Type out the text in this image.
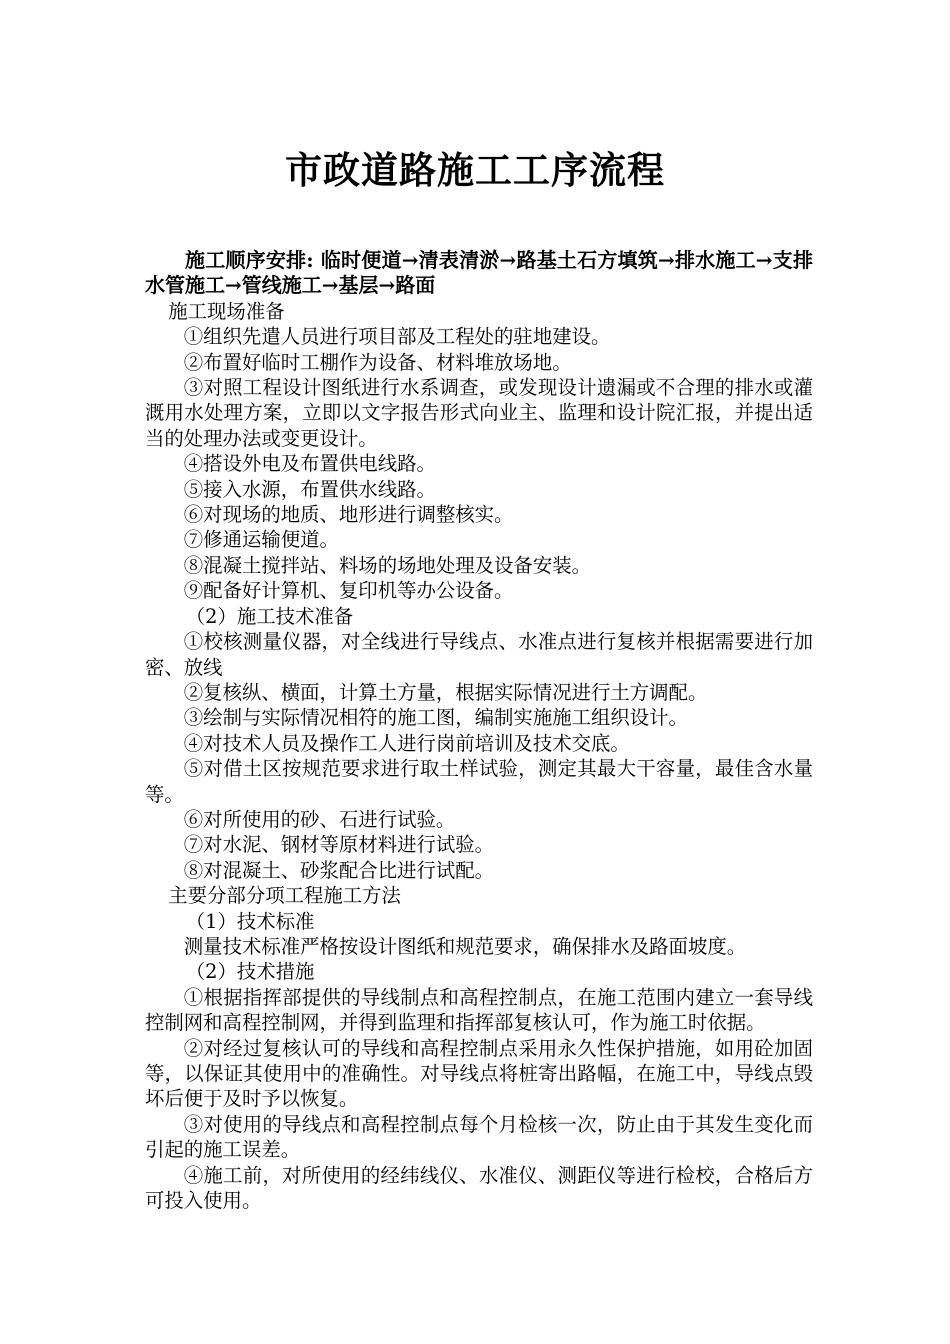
市政道路施工工序流程

施工顺序安排: 临时便道→清表清淤→路基土石方填筑→排水施工→支排水管施工→管线施工→基层→路面

施工现场准备

①组织先遣人员进行项目部及工程处的驻地建设。

②布置好临时工棚作为设备、材料堆放场地。

③对照工程设计图纸进行水系调查，或发现设计遗漏或不合理的排水或灌溉用水处理方案，立即以文字报告形式向业主、监理和设计院汇报，并提出适当的处理办法或变更设计。

④搭设外电及布置供电线路。

⑤接入水源，布置供水线路。

⑥对现场的地质、地形进行调整核实。

⑦修通运输便道。

⑧混凝土搅拌站、料场的场地处理及设备安装。

⑨配备好计算机、复印机等办公设备。

（2）施工技术准备

①校核测量仪器，对全线进行导线点、水准点进行复核并根据需要进行加密、放线

②复核纵、横面，计算土方量，根据实际情况进行土方调配。

③绘制与实际情况相符的施工图，编制实施施工组织设计。

④对技术人员及操作工人进行岗前培训及技术交底。

⑤对借土区按规范要求进行取土样试验，测定其最大干容量，最佳含水量等。

⑥对所使用的砂、石进行试验。

⑦对水泥、钢材等原材料进行试验。

⑧对混凝土、砂浆配合比进行试配。

主要分部分项工程施工方法

（1）技术标准

测量技术标准严格按设计图纸和规范要求，确保排水及路面坡度。

（2）技术措施

①根据指挥部提供的导线制点和高程控制点，在施工范围内建立一套导线控制网和高程控制网，并得到监理和指挥部复核认可，作为施工时依据。

②对经过复核认可的导线和高程控制点采用永久性保护措施，如用砼加固等，以保证其使用中的准确性。对导线点将桩寄出路幅，在施工中，导线点毁坏后便于及时予以恢复。

③对使用的导线点和高程控制点每个月检核一次，防止由于其发生变化而引起的施工误差。

④施工前，对所使用的经纬线仪、水准仪、测距仪等进行检校，合格后方可投入使用。
